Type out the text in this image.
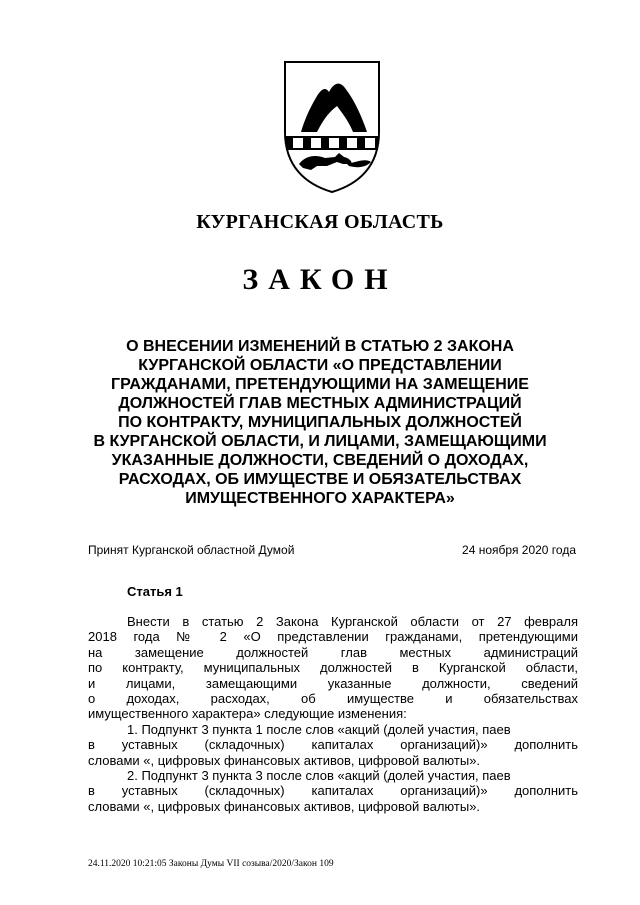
КУРГАНСКАЯ ОБЛАСТЬ
ЗАКОН
О ВНЕСЕНИИ ИЗМЕНЕНИЙ В СТАТЬЮ 2 ЗАКОНА
КУРГАНСКОЙ ОБЛАСТИ «О ПРЕДСТАВЛЕНИИ
ГРАЖДАНАМИ, ПРЕТЕНДУЮЩИМИ НА ЗАМЕЩЕНИЕ
ДОЛЖНОСТЕЙ ГЛАВ МЕСТНЫХ АДМИНИСТРАЦИЙ
ПО КОНТРАКТУ, МУНИЦИПАЛЬНЫХ ДОЛЖНОСТЕЙ
В КУРГАНСКОЙ ОБЛАСТИ, И ЛИЦАМИ, ЗАМЕЩАЮЩИМИ
УКАЗАННЫЕ ДОЛЖНОСТИ, СВЕДЕНИЙ О ДОХОДАХ,
РАСХОДАХ, ОБ ИМУЩЕСТВЕ И ОБЯЗАТЕЛЬСТВАХ
ИМУЩЕСТВЕННОГО ХАРАКТЕРА»
Принят Курганской областной Думой	24 ноября 2020 года
Статья 1
Внести в статью 2 Закона Курганской области от 27 февраля
2018 года № 2 «О представлении гражданами, претендующими
на замещение должностей глав местных администраций
по контракту, муниципальных должностей в Курганской области,
и лицами, замещающими указанные должности, сведений
о доходах, расходах, об имуществе и обязательствах
имущественного характера» следующие изменения:
1. Подпункт 3 пункта 1 после слов «акций (долей участия, паев
в уставных (складочных) капиталах организаций)» дополнить
словами «, цифровых финансовых активов, цифровой валюты».
2. Подпункт 3 пункта 3 после слов «акций (долей участия, паев
в уставных (складочных) капиталах организаций)» дополнить
словами «, цифровых финансовых активов, цифровой валюты».
24.11.2020 10:21:05 Законы Думы VII созыва/2020/Закон 109
